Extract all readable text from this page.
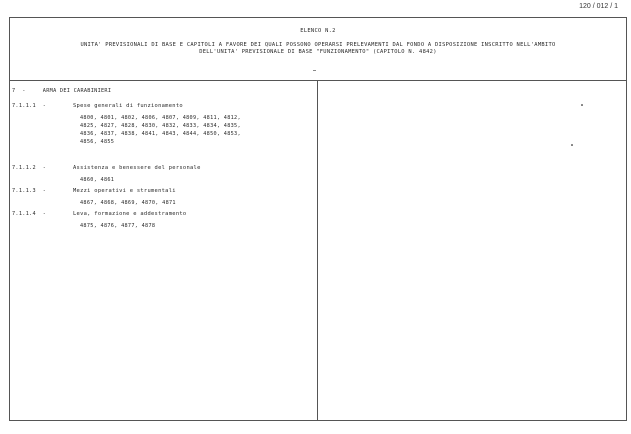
120 / 012 / 1
ELENCO N.2
UNITA' PREVISIONALI DI BASE E CAPITOLI A FAVORE DEI QUALI POSSONO OPERARSI PRELEVAMENTI DAL FONDO A DISPOSIZIONE INSCRITTO NELL'AMBITO
DELL'UNITA' PREVISIONALE DI BASE "FUNZIONAMENTO" (CAPITOLO N. 4842)
7  -     ARMA DEI CARABINIERI
7.1.1.1  -	Spese generali di funzionamento
4800, 4801, 4802, 4806, 4807, 4809, 4811, 4812,
4825, 4827, 4828, 4830, 4832, 4833, 4834, 4835,
4836, 4837, 4838, 4841, 4843, 4844, 4850, 4853,
4856, 4855
7.1.1.2  -	Assistenza e benessere del personale
4860, 4861
7.1.1.3  -	Mezzi operativi e strumentali
4867, 4868, 4869, 4870, 4871
7.1.1.4  -	Leva, formazione e addestramento
4875, 4876, 4877, 4878
